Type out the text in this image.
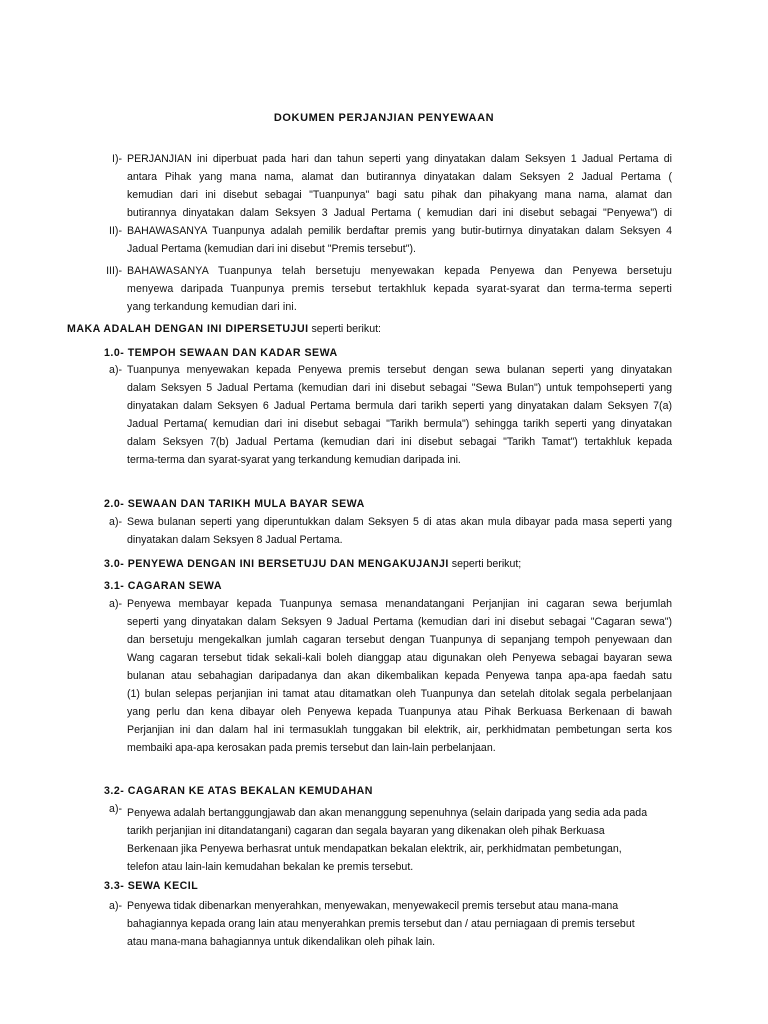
DOKUMEN PERJANJIAN PENYEWAAN
I)- PERJANJIAN ini diperbuat pada hari dan tahun seperti yang dinyatakan dalam Seksyen 1 Jadual Pertama di
antara Pihak yang mana nama, alamat dan butirannya dinyatakan dalam Seksyen 2 Jadual Pertama (
kemudian dari ini disebut sebagai "Tuanpunya" bagi satu pihak dan pihakyang mana nama, alamat dan
butirannya dinyatakan dalam Seksyen 3 Jadual Pertama ( kemudian dari ini disebut sebagai "Penyewa") di
II)- BAHAWASANYA Tuanpunya adalah pemilik berdaftar premis yang butir-butirnya dinyatakan dalam Seksyen 4
Jadual Pertama (kemudian dari ini disebut "Premis tersebut").
III)- BAHAWASANYA Tuanpunya telah bersetuju menyewakan kepada Penyewa dan Penyewa bersetuju
menyewa daripada Tuanpunya premis tersebut tertakhluk kepada syarat-syarat dan terma-terma seperti
yang terkandung kemudian dari ini.
MAKA ADALAH DENGAN INI DIPERSETUJUI seperti berikut:
1.0- TEMPOH SEWAAN DAN KADAR SEWA
a)- Tuanpunya menyewakan kepada Penyewa premis tersebut dengan sewa bulanan seperti yang dinyatakan
dalam Seksyen 5 Jadual Pertama (kemudian dari ini disebut sebagai "Sewa Bulan") untuk tempohseperti yang
dinyatakan dalam Seksyen 6 Jadual Pertama bermula dari tarikh seperti yang dinyatakan dalam Seksyen 7(a)
Jadual Pertama( kemudian dari ini disebut sebagai "Tarikh bermula") sehingga tarikh seperti yang dinyatakan
dalam Seksyen 7(b) Jadual Pertama (kemudian dari ini disebut sebagai "Tarikh Tamat") tertakhluk kepada
terma-terma dan syarat-syarat yang terkandung kemudian daripada ini.
2.0- SEWAAN DAN TARIKH MULA BAYAR SEWA
a)- Sewa bulanan seperti yang diperuntukkan dalam Seksyen 5 di atas akan mula dibayar pada masa seperti yang
dinyatakan dalam Seksyen 8 Jadual Pertama.
3.0- PENYEWA DENGAN INI BERSETUJU DAN MENGAKUJANJI seperti berikut;
3.1- CAGARAN SEWA
a)- Penyewa membayar kepada Tuanpunya semasa menandatangani Perjanjian ini cagaran sewa berjumlah
seperti yang dinyatakan dalam Seksyen 9 Jadual Pertama (kemudian dari ini disebut sebagai "Cagaran sewa")
dan bersetuju mengekalkan jumlah cagaran tersebut dengan Tuanpunya di sepanjang tempoh penyewaan dan
Wang cagaran tersebut tidak sekali-kali boleh dianggap atau digunakan oleh Penyewa sebagai bayaran sewa
bulanan atau sebahagian daripadanya dan akan dikembalikan kepada Penyewa tanpa apa-apa faedah satu
(1) bulan selepas perjanjian ini tamat atau ditamatkan oleh Tuanpunya dan setelah ditolak segala perbelanjaan
yang perlu dan kena dibayar oleh Penyewa kepada Tuanpunya atau Pihak Berkuasa Berkenaan di bawah
Perjanjian ini dan dalam hal ini termasuklah tunggakan bil elektrik, air, perkhidmatan pembetungan serta kos
membaiki apa-apa kerosakan pada premis tersebut dan lain-lain perbelanjaan.
3.2- CAGARAN KE ATAS BEKALAN KEMUDAHAN
a)- Penyewa adalah bertanggungjawab dan akan menanggung sepenuhnya (selain daripada yang sedia ada pada
tarikh perjanjian ini ditandatangani) cagaran dan segala bayaran yang dikenakan oleh pihak Berkuasa
Berkenaan jika Penyewa berhasrat untuk mendapatkan bekalan elektrik, air, perkhidmatan pembetungan,
telefon atau lain-lain kemudahan bekalan ke premis tersebut.
3.3- SEWA KECIL
a)- Penyewa tidak dibenarkan menyerahkan, menyewakan, menyewakecil premis tersebut atau mana-mana
bahagiannya kepada orang lain atau menyerahkan premis tersebut dan / atau perniagaan di premis tersebut
atau mana-mana bahagiannya untuk dikendalikan oleh pihak lain.
